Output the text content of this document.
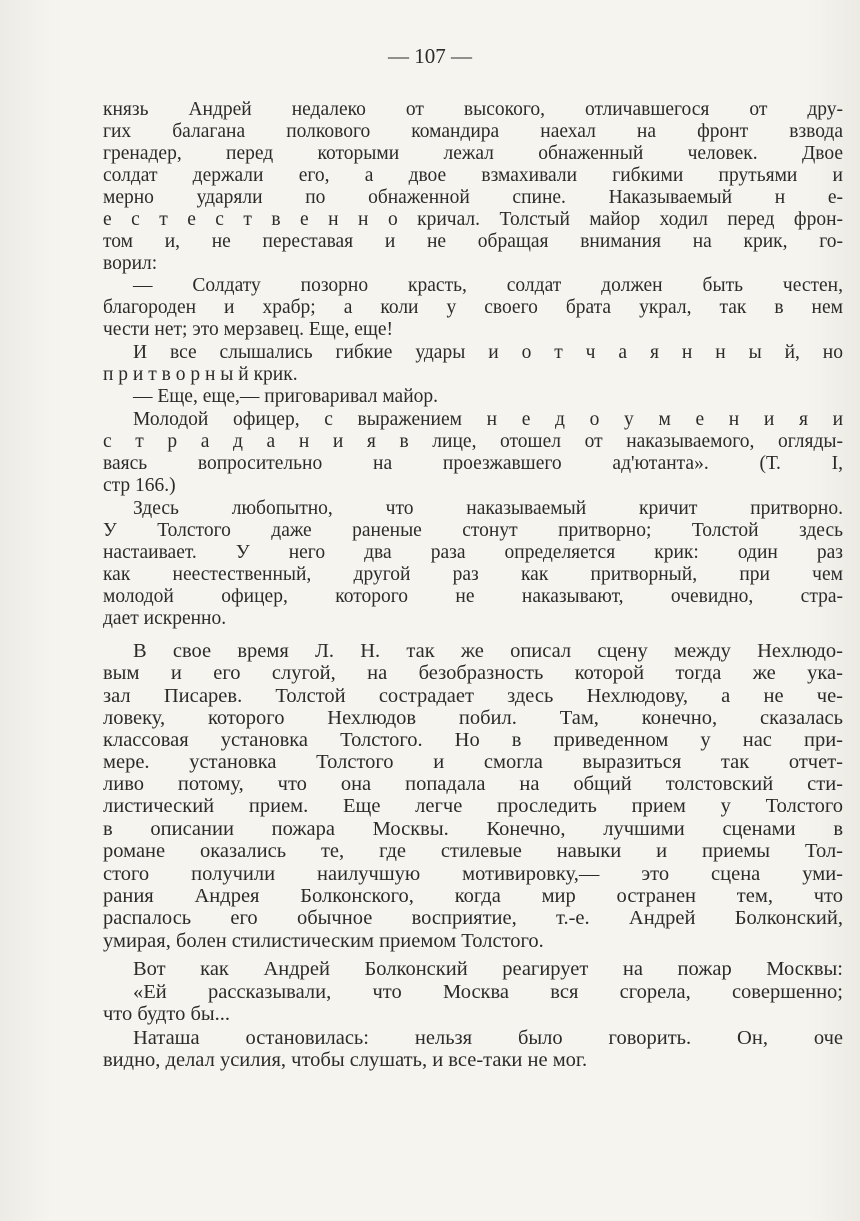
— 107 —
князь Андрей недалеко от высокого, отличавшегося от дру-
гих балагана полкового командира наехал на фронт взвода
гренадер, перед которыми лежал обнаженный человек. Двое
солдат держали его, а двое взмахивали гибкими прутьями и
мерно ударяли по обнаженной спине. Наказываемый н е-
е с т е с т в е н н о кричал. Толстый майор ходил перед фрон-
том и, не переставая и не обращая внимания на крик, го-
ворил:
— Солдату позорно красть, солдат должен быть честен,
благороден и храбр; а коли у своего брата украл, так в нем
чести нет; это мерзавец. Еще, еще!
И все слышались гибкие удары и о т ч а я н н ы й, но
п р и т в о р н ы й крик.
— Еще, еще,— приговаривал майор.
Молодой офицер, с выражением н е д о у м е н и я и
с т р а д а н и я в лице, отошел от наказываемого, огляды-
ваясь вопросительно на проезжавшего ад'ютанта». (Т. I,
стр 166.)
Здесь любопытно, что наказываемый кричит притворно.
У Толстого даже раненые стонут притворно; Толстой здесь
настаивает. У него два раза определяется крик: один раз
как неестественный, другой раз как притворный, при чем
молодой офицер, которого не наказывают, очевидно, стра-
дает искренно.
В свое время Л. Н. так же описал сцену между Нехлюдо-
вым и его слугой, на безобразность которой тогда же ука-
зал Писарев. Толстой сострадает здесь Нехлюдову, а не че-
ловеку, которого Нехлюдов побил. Там, конечно, сказалась
классовая установка Толстого. Но в приведенном у нас при-
мере. установка Толстого и смогла выразиться так отчет-
ливо потому, что она попадала на общий толстовский сти-
листический прием. Еще легче проследить прием у Толстого
в описании пожара Москвы. Конечно, лучшими сценами в
романе оказались те, где стилевые навыки и приемы Тол-
стого получили наилучшую мотивировку,— это сцена уми-
рания Андрея Болконского, когда мир остранен тем, что
распалось его обычное восприятие, т.-е. Андрей Болконский,
умирая, болен стилистическим приемом Толстого.
Вот как Андрей Болконский реагирует на пожар Москвы:
«Ей рассказывали, что Москва вся сгорела, совершенно;
что будто бы...
Наташа остановилась: нельзя было говорить. Он, оче
видно, делал усилия, чтобы слушать, и все-таки не мог.
